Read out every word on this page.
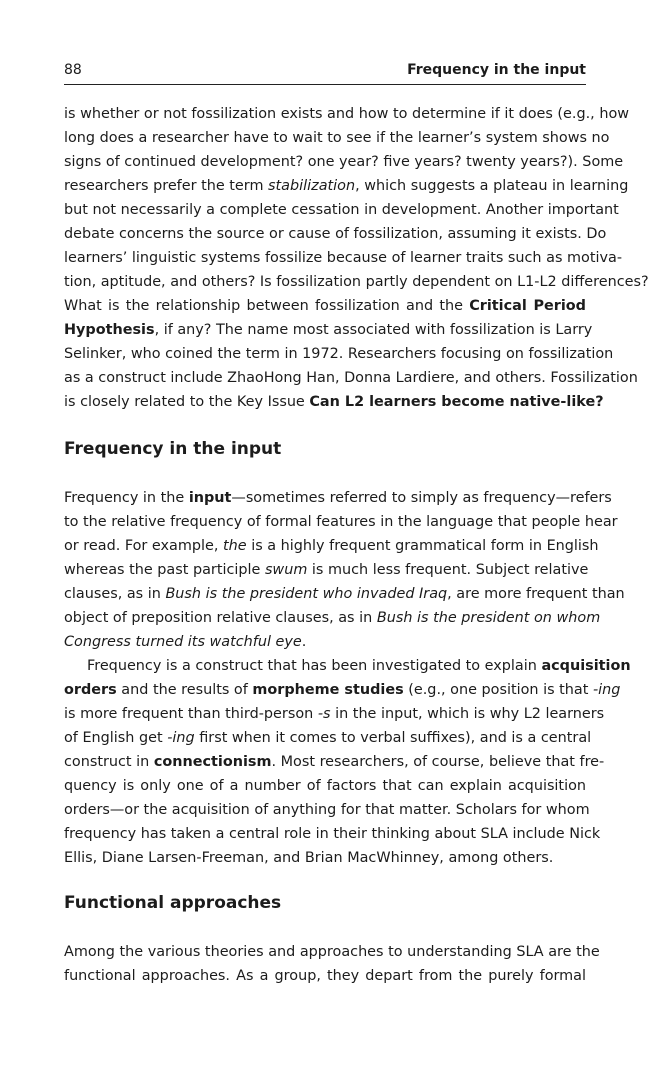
88	Frequency in the input
is whether or not fossilization exists and how to determine if it does (e.g., how
long does a researcher have to wait to see if the learner’s system shows no
signs of continued development? one year? five years? twenty years?). Some
researchers prefer the term stabilization, which suggests a plateau in learning
but not necessarily a complete cessation in development. Another important
debate concerns the source or cause of fossilization, assuming it exists. Do
learners’ linguistic systems fossilize because of learner traits such as motiva-
tion, aptitude, and others? Is fossilization partly dependent on L1-L2 differences?
What is the relationship between fossilization and the Critical Period
Hypothesis, if any? The name most associated with fossilization is Larry
Selinker, who coined the term in 1972. Researchers focusing on fossilization
as a construct include ZhaoHong Han, Donna Lardiere, and others. Fossilization
is closely related to the Key Issue Can L2 learners become native-like?
Frequency in the input—sometimes referred to simply as frequency—refers
to the relative frequency of formal features in the language that people hear
or read. For example, the is a highly frequent grammatical form in English
whereas the past participle swum is much less frequent. Subject relative
clauses, as in Bush is the president who invaded Iraq, are more frequent than
object of preposition relative clauses, as in Bush is the president on whom
Congress turned its watchful eye.
Frequency is a construct that has been investigated to explain acquisition
orders and the results of morpheme studies (e.g., one position is that -ing
is more frequent than third-person -s in the input, which is why L2 learners
of English get -ing first when it comes to verbal suffixes), and is a central
construct in connectionism. Most researchers, of course, believe that fre-
quency is only one of a number of factors that can explain acquisition
orders—or the acquisition of anything for that matter. Scholars for whom
frequency has taken a central role in their thinking about SLA include Nick
Ellis, Diane Larsen-Freeman, and Brian MacWhinney, among others.
Among the various theories and approaches to understanding SLA are the
functional approaches. As a group, they depart from the purely formal
Frequency in the input
Functional approaches
